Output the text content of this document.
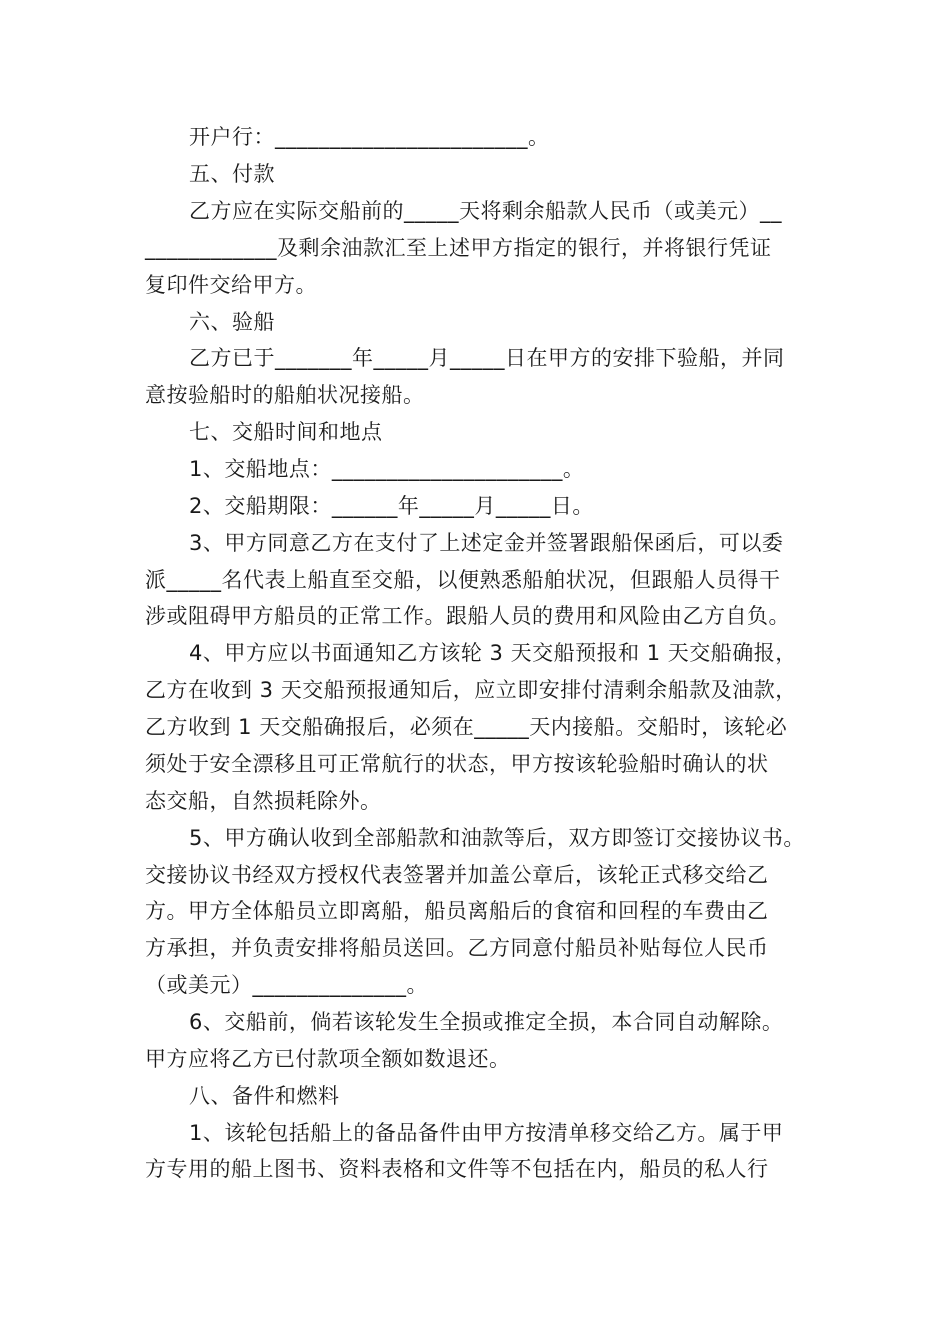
开户行：_______________________。
五、付款
乙方应在实际交船前的_____天将剩余船款人民币（或美元）__
____________及剩余油款汇至上述甲方指定的银行，并将银行凭证
复印件交给甲方。
六、验船
乙方已于_______年_____月_____日在甲方的安排下验船，并同
意按验船时的船舶状况接船。
七、交船时间和地点
1、交船地点：_____________________。
2、交船期限：______年_____月_____日。
3、甲方同意乙方在支付了上述定金并签署跟船保函后，可以委
派_____名代表上船直至交船，以便熟悉船舶状况，但跟船人员得干
涉或阻碍甲方船员的正常工作。跟船人员的费用和风险由乙方自负。
4、甲方应以书面通知乙方该轮 3 天交船预报和 1 天交船确报，
乙方在收到 3 天交船预报通知后，应立即安排付清剩余船款及油款，
乙方收到 1 天交船确报后，必须在_____天内接船。交船时，该轮必
须处于安全漂移且可正常航行的状态，甲方按该轮验船时确认的状
态交船，自然损耗除外。
5、甲方确认收到全部船款和油款等后，双方即签订交接协议书。
交接协议书经双方授权代表签署并加盖公章后，该轮正式移交给乙
方。甲方全体船员立即离船，船员离船后的食宿和回程的车费由乙
方承担，并负责安排将船员送回。乙方同意付船员补贴每位人民币
（或美元）______________。
6、交船前，倘若该轮发生全损或推定全损，本合同自动解除。
甲方应将乙方已付款项全额如数退还。
八、备件和燃料
1、该轮包括船上的备品备件由甲方按清单移交给乙方。属于甲
方专用的船上图书、资料表格和文件等不包括在内，船员的私人行
